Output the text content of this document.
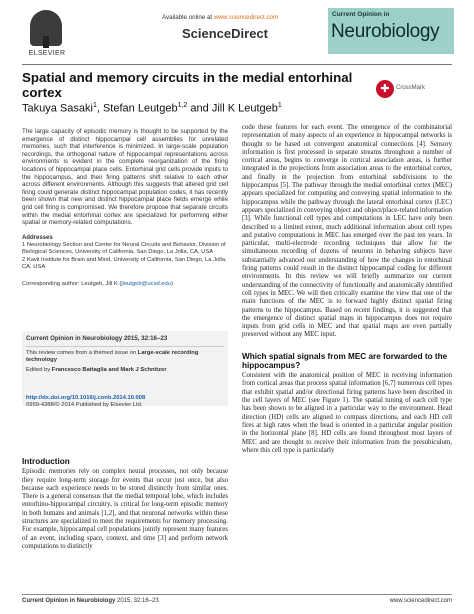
ELSEVIER
Available online at www.sciencedirect.com
ScienceDirect
Current Opinion in
Neurobiology
Spatial and memory circuits in the medial entorhinal cortex
Takuya Sasaki$^1$, Stefan Leutgeb$^{1,2}$ and Jill K Leutgeb$^1$
✚	CrossMark
The large capacity of episodic memory is thought to be supported by the emergence of distinct hippocampal cell assemblies for unrelated memories, such that interference is minimized. In large-scale population recordings, the orthogonal nature of hippocampal representations across environments is evident in the complete reorganization of the firing locations of hippocampal place cells. Entorhinal grid cells provide inputs to the hippocampus, and their firing patterns shift relative to each other across different environments. Although this suggests that altered grid cell firing could generate distinct hippocampal population codes, it has recently been shown that new and distinct hippocampal place fields emerge while grid cell firing is compromised. We therefore propose that separate circuits within the medial entorhinal cortex are specialized for performing either spatial or memory-related computations.
Addresses
1 Neurobiology Section and Center for Neural Circuits and Behavior, Division of Biological Sciences, University of California, San Diego, La Jolla, CA, USA
2 Kavli Institute for Brain and Mind, University of California, San Diego, La Jolla, CA, USA
Corresponding author: Leutgeb, Jill K (jleutgeb@ucsd.edu)
Current Opinion in Neurobiology 2015, 32:16–23
This review comes from a themed issue on Large-scale recording technology
Edited by Francesco Battaglia and Mark J Schnitzer
http://dx.doi.org/10.1016/j.conb.2014.10.008
0959-4388/© 2014 Published by Elsevier Ltd.
Introduction
Episodic memories rely on complex neural processes, not only because they require long-term storage for events that occur just once, but also because each experience needs to be stored distinctly from similar ones. There is a general consensus that the medial temporal lobe, which includes entorhino-hippocampal circuitry, is critical for long-term episodic memory in both humans and animals [1,2], and that neuronal networks within these structures are specialized to meet the requirements for memory processing. For example, hippocampal cell populations jointly represent many features of an event, including space, context, and time [3] and perform network computations to distinctly
code these features for each event. The emergence of the combinatorial representation of many aspects of an experience in hippocampal networks is thought to be based on convergent anatomical connections [4]. Sensory information is first processed in separate streams throughout a number of cortical areas, begins to converge in cortical association areas, is further integrated in the projections from association areas to the entorhinal cortex, and finally in the projection from entorhinal subdivisions to the hippocampus [5]. The pathway through the medial entorhinal cortex (MEC) appears specialized for computing and conveying spatial information to the hippocampus while the pathway through the lateral entorhinal cortex (LEC) appears specialized in conveying object and object/place-related information [3]. While functional cell types and computations in LEC have only been described to a limited extent, much additional information about cell types and putative computations in MEC has emerged over the past ten years. In particular, multi-electrode recording techniques that allow for the simultaneous recording of dozens of neurons in behaving subjects have substantially advanced our understanding of how the changes in entorhinal firing patterns could result in the distinct hippocampal coding for different environments. In this review we will briefly summarize our current understanding of the connectivity of functionally and anatomically identified cell types in MEC. We will then critically examine the view that one of the main functions of the MEC is to forward highly distinct spatial firing patterns to the hippocampus. Based on recent findings, it is suggested that the emergence of distinct spatial maps in hippocampus does not require inputs from grid cells in MEC and that spatial maps are even partially preserved without any MEC input.
Which spatial signals from MEC are forwarded to the hippocampus?
Consistent with the anatomical position of MEC in receiving information from cortical areas that process spatial information [6,7] numerous cell types that exhibit spatial and/or directional firing patterns have been described in the cell layers of MEC (see Figure 1). The spatial tuning of each cell type has been shown to be aligned in a particular way to the environment. Head direction (HD) cells are aligned to compass directions, and each HD cell fires at high rates when the head is oriented in a particular angular position in the horizontal plane [8]. HD cells are found throughout most layers of MEC and are thought to receive their information from the presubiculum, where this cell type is particularly
Current Opinion in Neurobiology 2015, 32:16–23	www.sciencedirect.com
